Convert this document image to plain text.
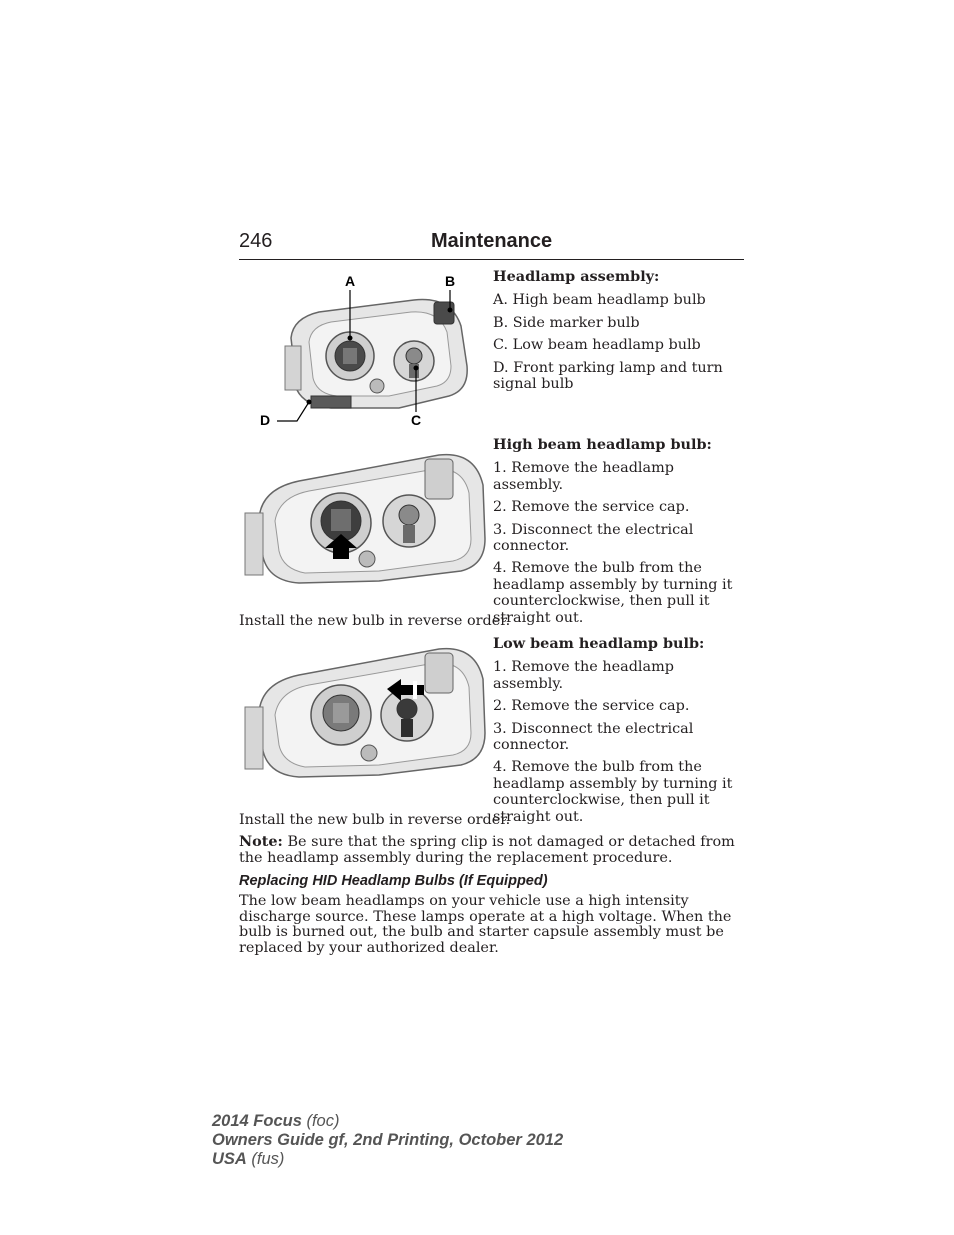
246	Maintenance
A	B
C
D

Headlamp assembly:

A. High beam headlamp bulb

B. Side marker bulb

C. Low beam headlamp bulb

D. Front parking lamp and turn signal bulb

High beam headlamp bulb:

1. Remove the headlamp assembly.

2. Remove the service cap.

3. Disconnect the electrical connector.

4. Remove the bulb from the headlamp assembly by turning it counterclockwise, then pull it straight out.

Install the new bulb in reverse order.

Low beam headlamp bulb:

1. Remove the headlamp assembly.

2. Remove the service cap.

3. Disconnect the electrical connector.

4. Remove the bulb from the headlamp assembly by turning it counterclockwise, then pull it straight out.

Install the new bulb in reverse order.

Note: Be sure that the spring clip is not damaged or detached from the headlamp assembly during the replacement procedure.

Replacing HID Headlamp Bulbs (If Equipped)
The low beam headlamps on your vehicle use a high intensity discharge source. These lamps operate at a high voltage. When the bulb is burned out, the bulb and starter capsule assembly must be replaced by your authorized dealer.
2014 Focus (foc)
Owners Guide gf, 2nd Printing, October 2012
USA (fus)
